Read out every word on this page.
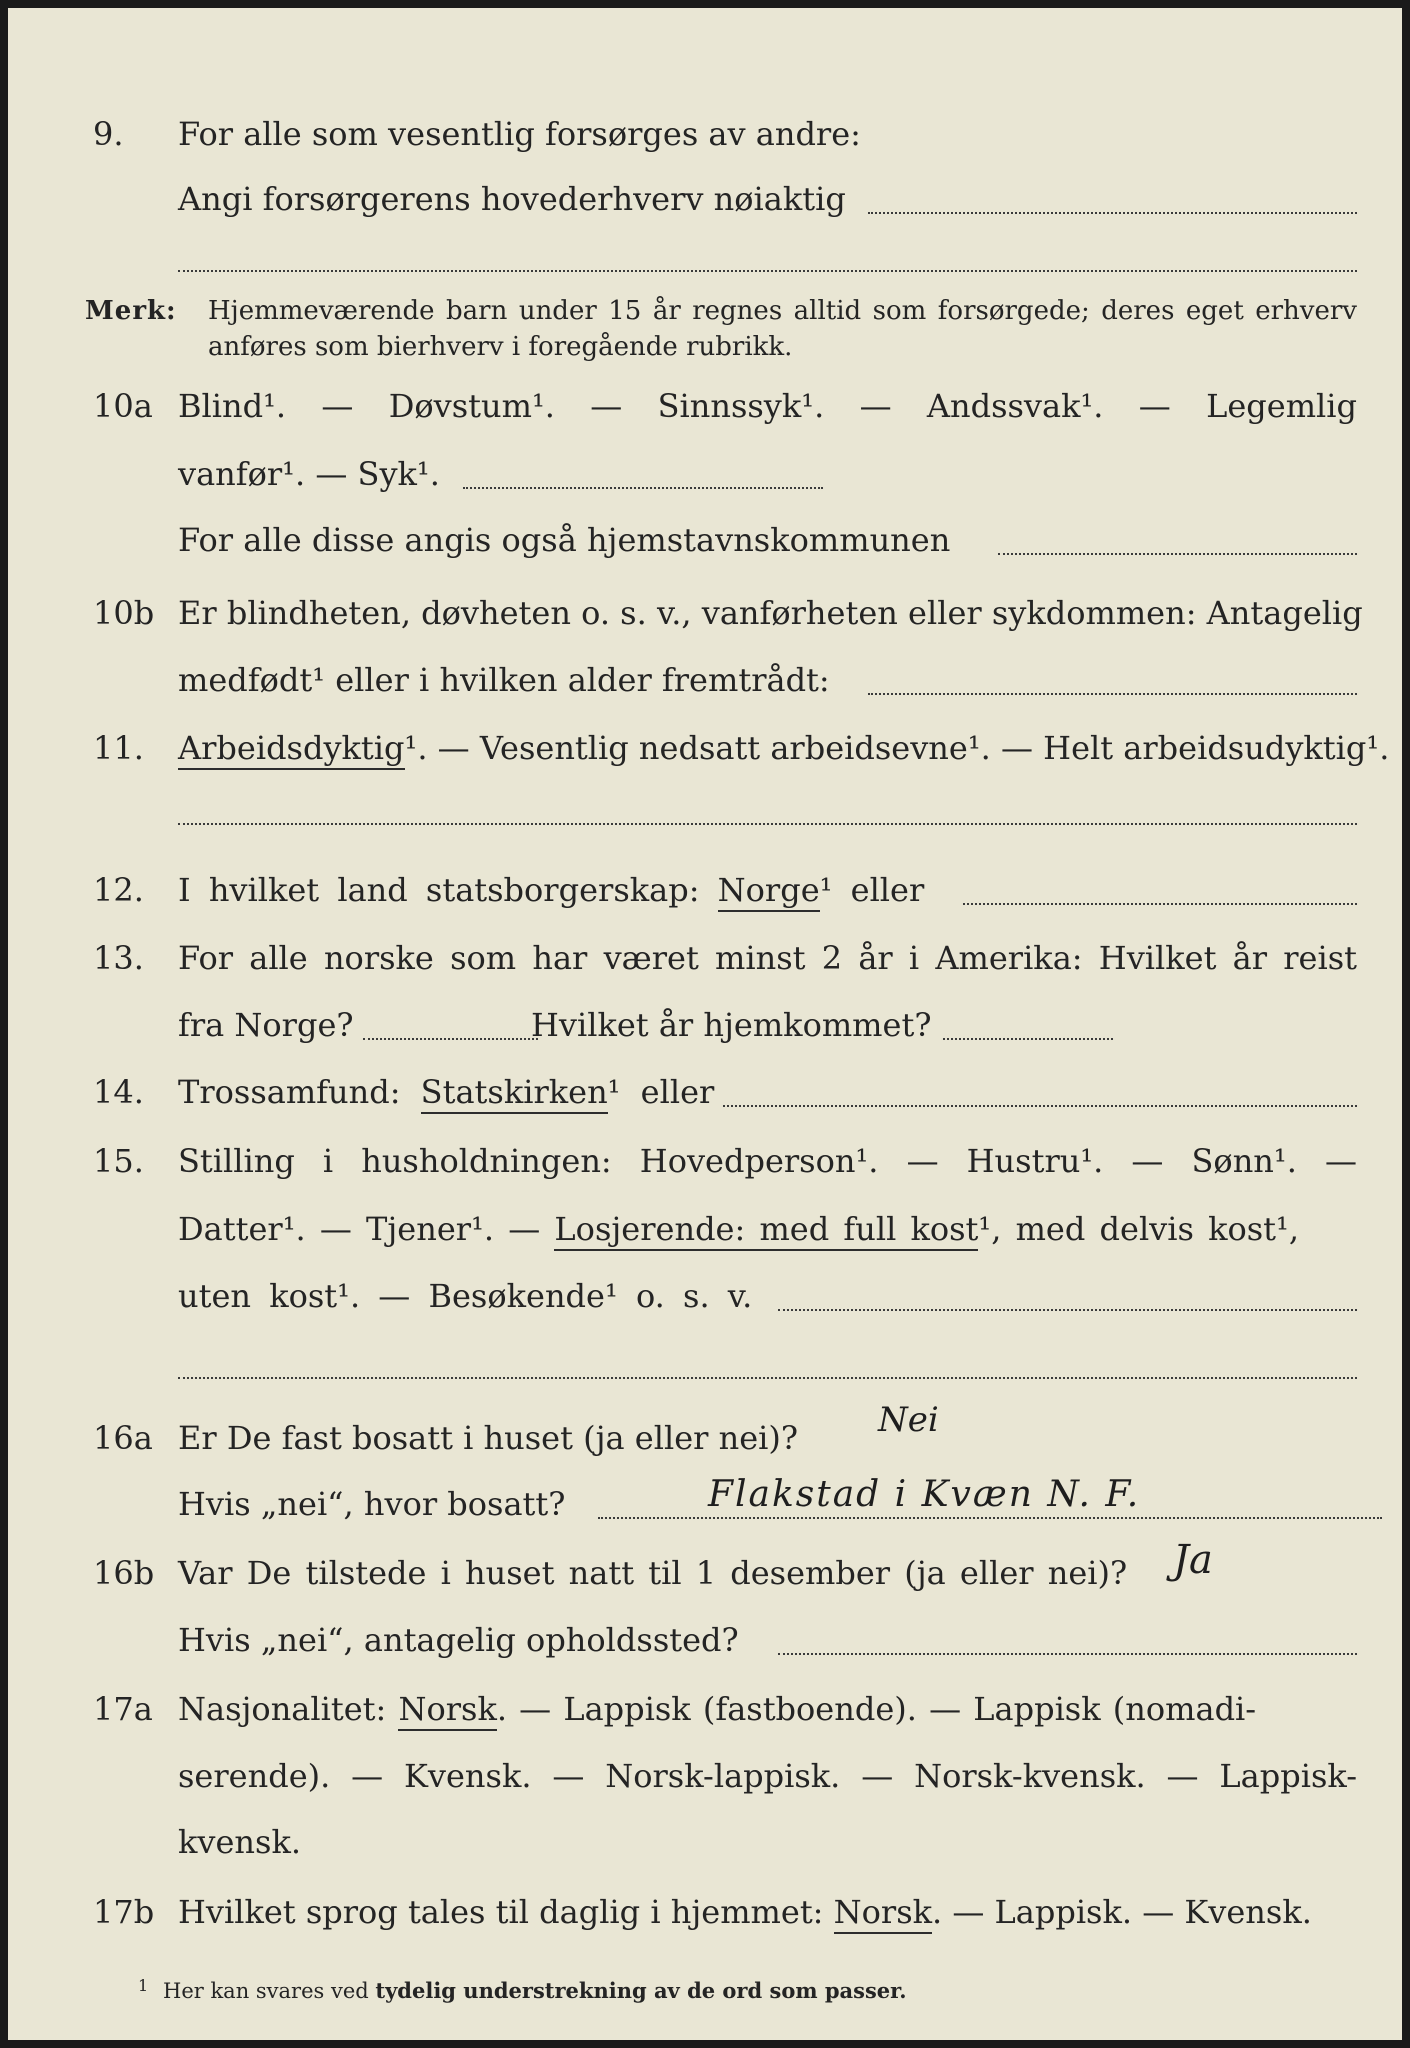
9. For alle som vesentlig forsørges av andre:
Angi forsørgerens hovederhverv nøiaktig
Merk: Hjemmeværende barn under 15 år regnes alltid som forsørgede; deres eget erhverv
anføres som bierhverv i foregående rubrikk.
10a Blind¹. — Døvstum¹. — Sinnssyk¹. — Andssvak¹. — Legemlig
vanfør¹. — Syk¹.
For alle disse angis også hjemstavnskommunen
10b Er blindheten, døvheten o. s. v., vanførheten eller sykdommen: Antagelig
medfødt¹ eller i hvilken alder fremtrådt:
11. Arbeidsdyktig¹. — Vesentlig nedsatt arbeidsevne¹. — Helt arbeidsudyktig¹.
12. I hvilket land statsborgerskap: Norge¹ eller
13. For alle norske som har været minst 2 år i Amerika: Hvilket år reist
fra Norge?	Hvilket år hjemkommet?
14. Trossamfund: Statskirken¹ eller
15. Stilling i husholdningen: Hovedperson¹. — Hustru¹. — Sønn¹. —
Datter¹. — Tjener¹. — Losjerende: med full kost¹, med delvis kost¹,
uten kost¹. — Besøkende¹ o. s. v.
16a Er De fast bosatt i huset (ja eller nei)? Nei
Hvis „nei“, hvor bosatt?	Flakstad i Kvæn N. F.
16b Var De tilstede i huset natt til 1 desember (ja eller nei)? Ja
Hvis „nei“, antagelig opholdssted?
17a Nasjonalitet: Norsk. — Lappisk (fastboende). — Lappisk (nomadi-
serende). — Kvensk. — Norsk-lappisk. — Norsk-kvensk. — Lappisk-
kvensk.
17b Hvilket sprog tales til daglig i hjemmet: Norsk. — Lappisk. — Kvensk.
1 Her kan svares ved tydelig understrekning av de ord som passer.
